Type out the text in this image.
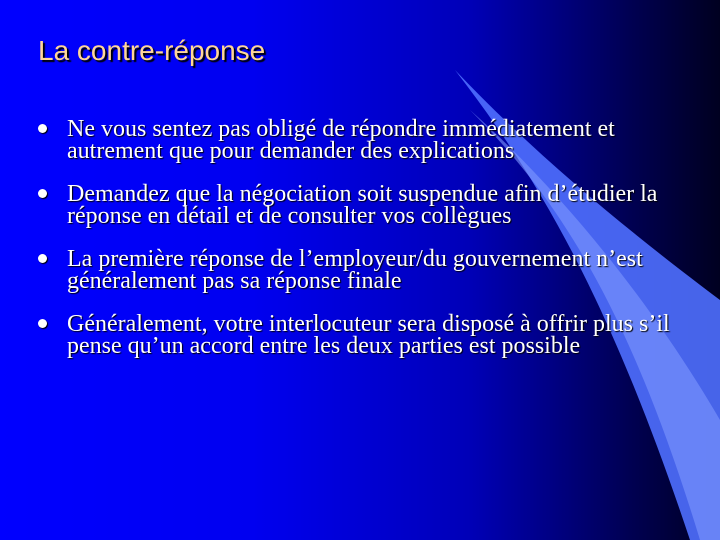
La contre-réponse
Ne vous sentez pas obligé de répondre immédiatement et autrement que pour demander des explications
Demandez que la négociation soit suspendue afin d’étudier la réponse en détail et de consulter vos collègues
La première réponse de l’employeur/du gouvernement n’est généralement pas sa réponse finale
Généralement, votre interlocuteur sera disposé à offrir plus s’il pense qu’un accord entre les deux parties est possible
